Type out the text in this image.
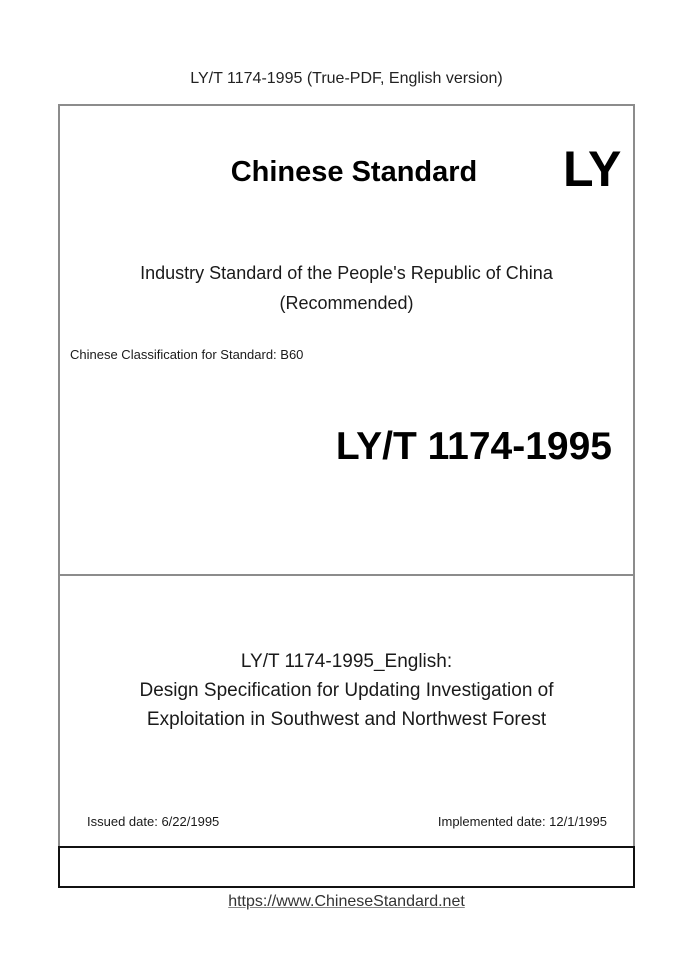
LY/T 1174-1995 (True-PDF, English version)
Chinese Standard	LY
Industry Standard of the People's Republic of China
(Recommended)
Chinese Classification for Standard: B60
LY/T 1174-1995
LY/T 1174-1995_English:
Design Specification for Updating Investigation of
Exploitation in Southwest and Northwest Forest
Issued date: 6/22/1995	Implemented date: 12/1/1995
https://www.ChineseStandard.net
